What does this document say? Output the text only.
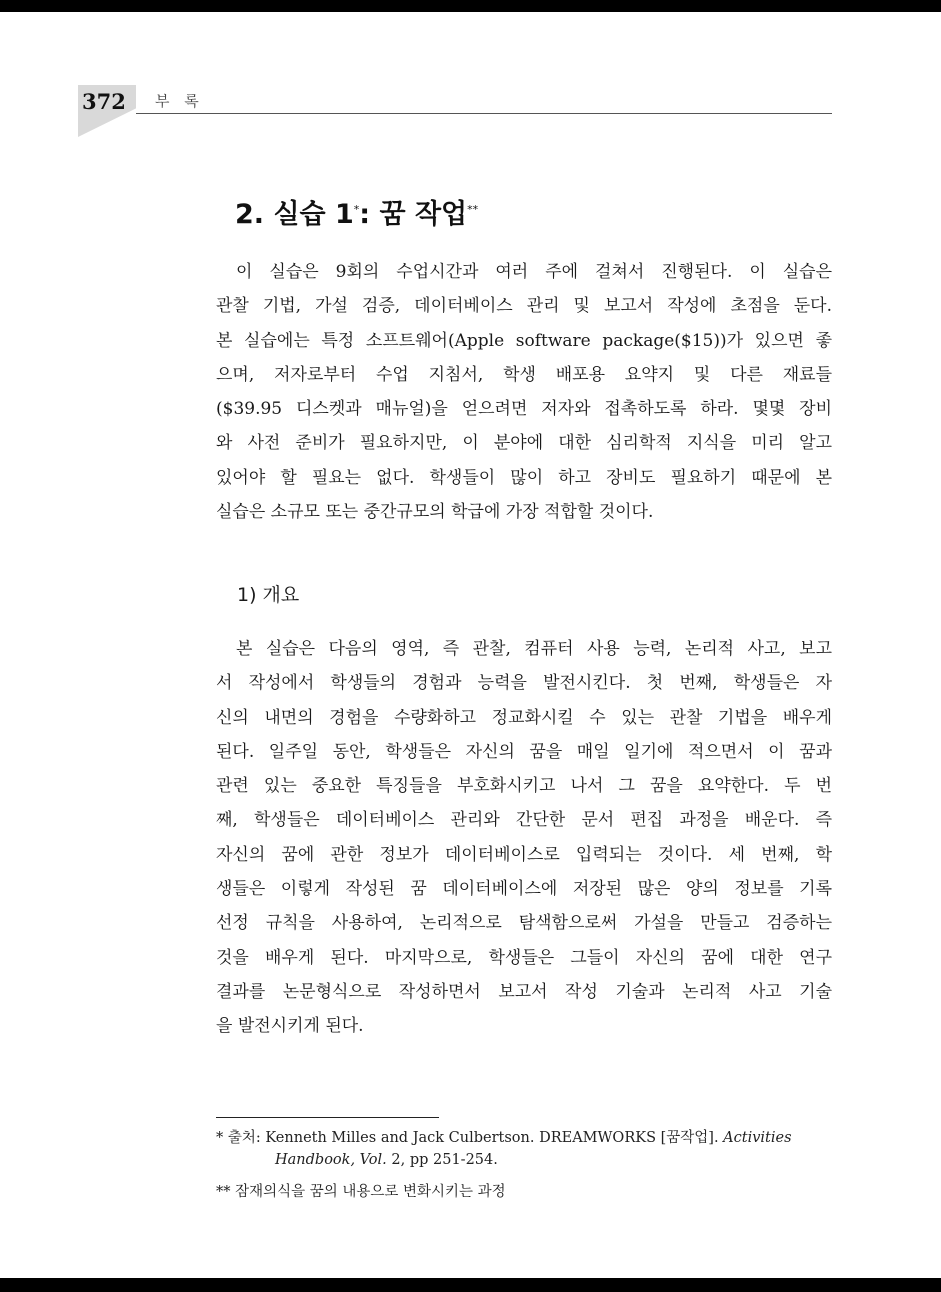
372 부 록
2. 실습 1*: 꿈 작업**
이 실습은 9회의 수업시간과 여러 주에 걸쳐서 진행된다. 이 실습은
관찰 기법, 가설 검증, 데이터베이스 관리 및 보고서 작성에 초점을 둔다.
본 실습에는 특정 소프트웨어(Apple software package($15))가 있으면 좋
으며, 저자로부터 수업 지침서, 학생 배포용 요약지 및 다른 재료들
($39.95 디스켓과 매뉴얼)을 얻으려면 저자와 접촉하도록 하라. 몇몇 장비
와 사전 준비가 필요하지만, 이 분야에 대한 심리학적 지식을 미리 알고
있어야 할 필요는 없다. 학생들이 많이 하고 장비도 필요하기 때문에 본
실습은 소규모 또는 중간규모의 학급에 가장 적합할 것이다.
1) 개요
본 실습은 다음의 영역, 즉 관찰, 컴퓨터 사용 능력, 논리적 사고, 보고
서 작성에서 학생들의 경험과 능력을 발전시킨다. 첫 번째, 학생들은 자
신의 내면의 경험을 수량화하고 정교화시킬 수 있는 관찰 기법을 배우게
된다. 일주일 동안, 학생들은 자신의 꿈을 매일 일기에 적으면서 이 꿈과
관련 있는 중요한 특징들을 부호화시키고 나서 그 꿈을 요약한다. 두 번
째, 학생들은 데이터베이스 관리와 간단한 문서 편집 과정을 배운다. 즉
자신의 꿈에 관한 정보가 데이터베이스로 입력되는 것이다. 세 번째, 학
생들은 이렇게 작성된 꿈 데이터베이스에 저장된 많은 양의 정보를 기록
선정 규칙을 사용하여, 논리적으로 탐색함으로써 가설을 만들고 검증하는
것을 배우게 된다. 마지막으로, 학생들은 그들이 자신의 꿈에 대한 연구
결과를 논문형식으로 작성하면서 보고서 작성 기술과 논리적 사고 기술
을 발전시키게 된다.
* 출처: Kenneth Milles and Jack Culbertson. DREAMWORKS [꿈작업]. Activities
Handbook, Vol. 2, pp 251-254.
** 잠재의식을 꿈의 내용으로 변화시키는 과정
